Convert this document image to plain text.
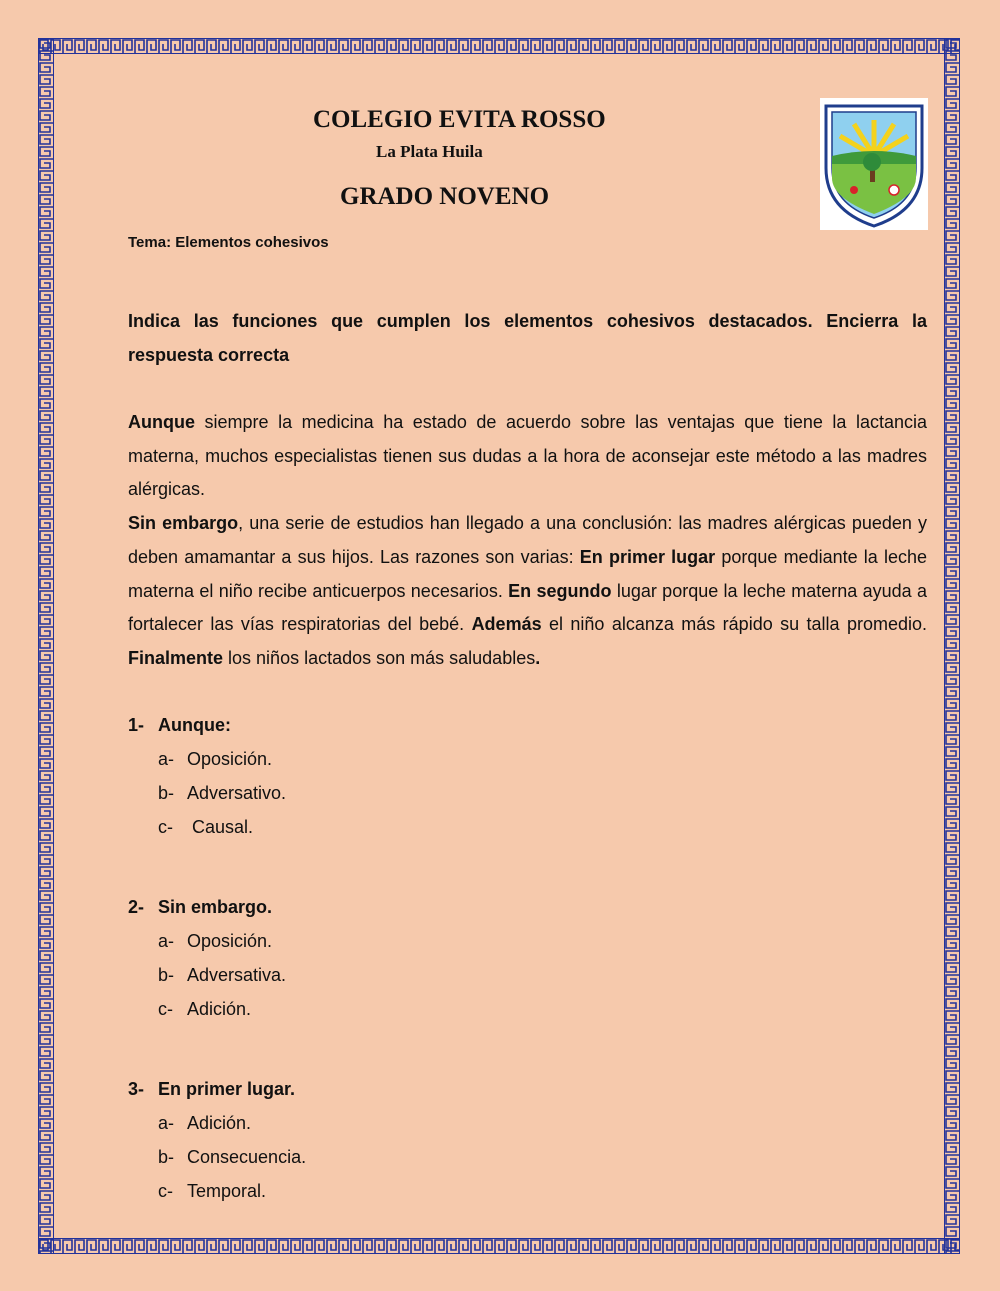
COLEGIO EVITA ROSSO
La Plata Huila
GRADO NOVENO
Tema: Elementos cohesivos
Indica las funciones que cumplen los elementos cohesivos destacados. Encierra la respuesta correcta

Aunque siempre la medicina ha estado de acuerdo sobre las ventajas que tiene la lactancia materna, muchos especialistas tienen sus dudas a la hora de aconsejar este método a las madres alérgicas.

Sin embargo, una serie de estudios han llegado a una conclusión: las madres alérgicas pueden y deben amamantar a sus hijos. Las razones son varias: En primer lugar porque mediante la leche materna el niño recibe anticuerpos necesarios. En segundo lugar porque la leche materna ayuda a fortalecer las vías respiratorias del bebé. Además el niño alcanza más rápido su talla promedio. Finalmente los niños lactados son más saludables.

1- Aunque:
a- Oposición.
b- Adversativo.
c- Causal.
2- Sin embargo.
a- Oposición.
b- Adversativa.
c- Adición.
3- En primer lugar.
a- Adición.
b- Consecuencia.
c- Temporal.
